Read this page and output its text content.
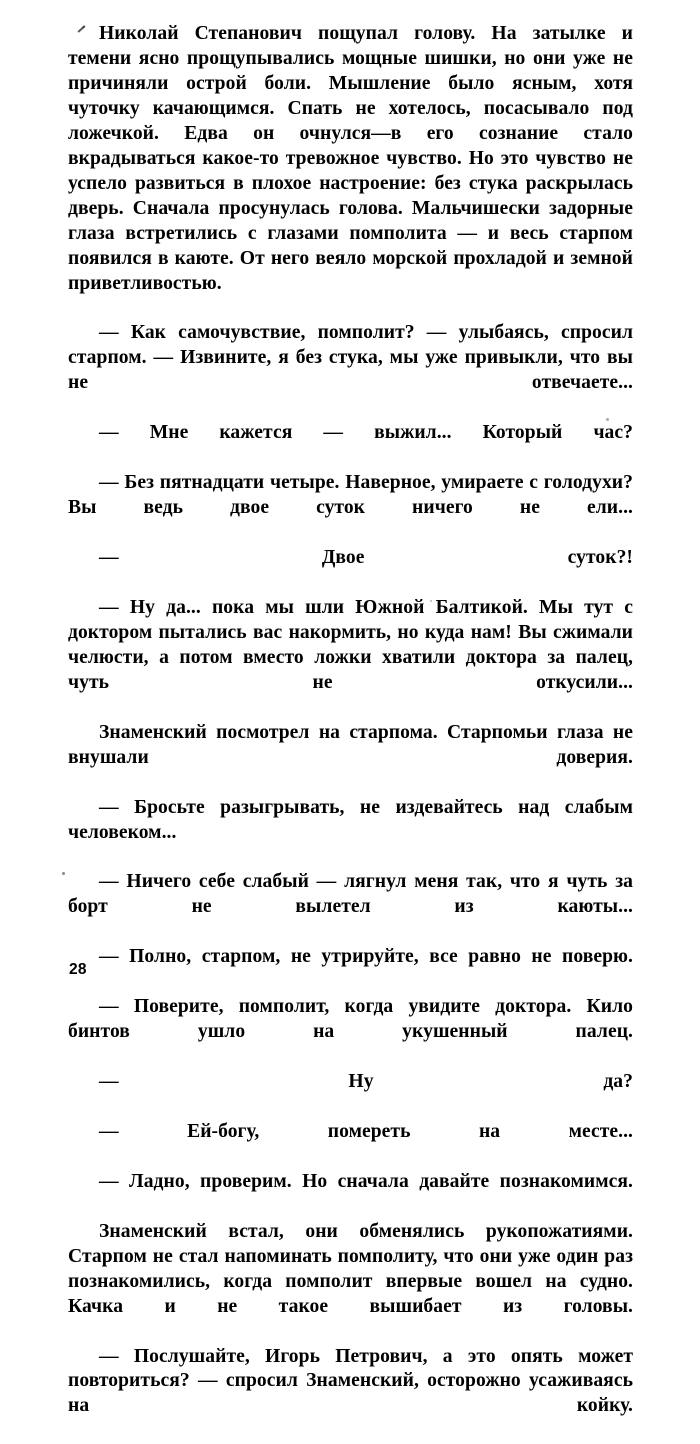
Николай Степанович пощупал голову. На затылке и темени ясно прощупывались мощные шишки, но они уже не причиняли острой боли. Мышление было ясным, хотя чуточку качающимся. Спать не хотелось, посасывало под ложечкой. Едва он очнулся—в его сознание стало вкрадываться какое-то тревожное чувство. Но это чувство не успело развиться в плохое настроение: без стука раскрылась дверь. Сначала просунулась голова. Мальчишески задорные глаза встретились с глазами помполита — и весь старпом появился в каюте. От него веяло морской прохладой и земной приветливостью.

— Как самочувствие, помполит? — улыбаясь, спросил старпом. — Извините, я без стука, мы уже привыкли, что вы не отвечаете...

— Мне кажется — выжил... Который час?

— Без пятнадцати четыре. Наверное, умираете с голодухи? Вы ведь двое суток ничего не ели...

— Двое суток?!

— Ну да... пока мы шли Южной Балтикой. Мы тут с доктором пытались вас накормить, но куда нам! Вы сжимали челюсти, а потом вместо ложки хватили доктора за палец, чуть не откусили...

Знаменский посмотрел на старпома. Старпомьи глаза не внушали доверия.

— Бросьте разыгрывать, не издевайтесь над слабым человеком...

— Ничего себе слабый — лягнул меня так, что я чуть за борт не вылетел из каюты...

— Полно, старпом, не утрируйте, все равно не поверю.

— Поверите, помполит, когда увидите доктора. Кило бинтов ушло на укушенный палец.

— Ну да?

— Ей-богу, помереть на месте...

— Ладно, проверим. Но сначала давайте познакомимся.

Знаменский встал, они обменялись рукопожатиями. Старпом не стал напоминать помполиту, что они уже один раз познакомились, когда помполит впервые вошел на судно. Качка и не такое вышибает из головы.

— Послушайте, Игорь Петрович, а это опять может повториться? — спросил Знаменский, осторожно усаживаясь на койку.

28
